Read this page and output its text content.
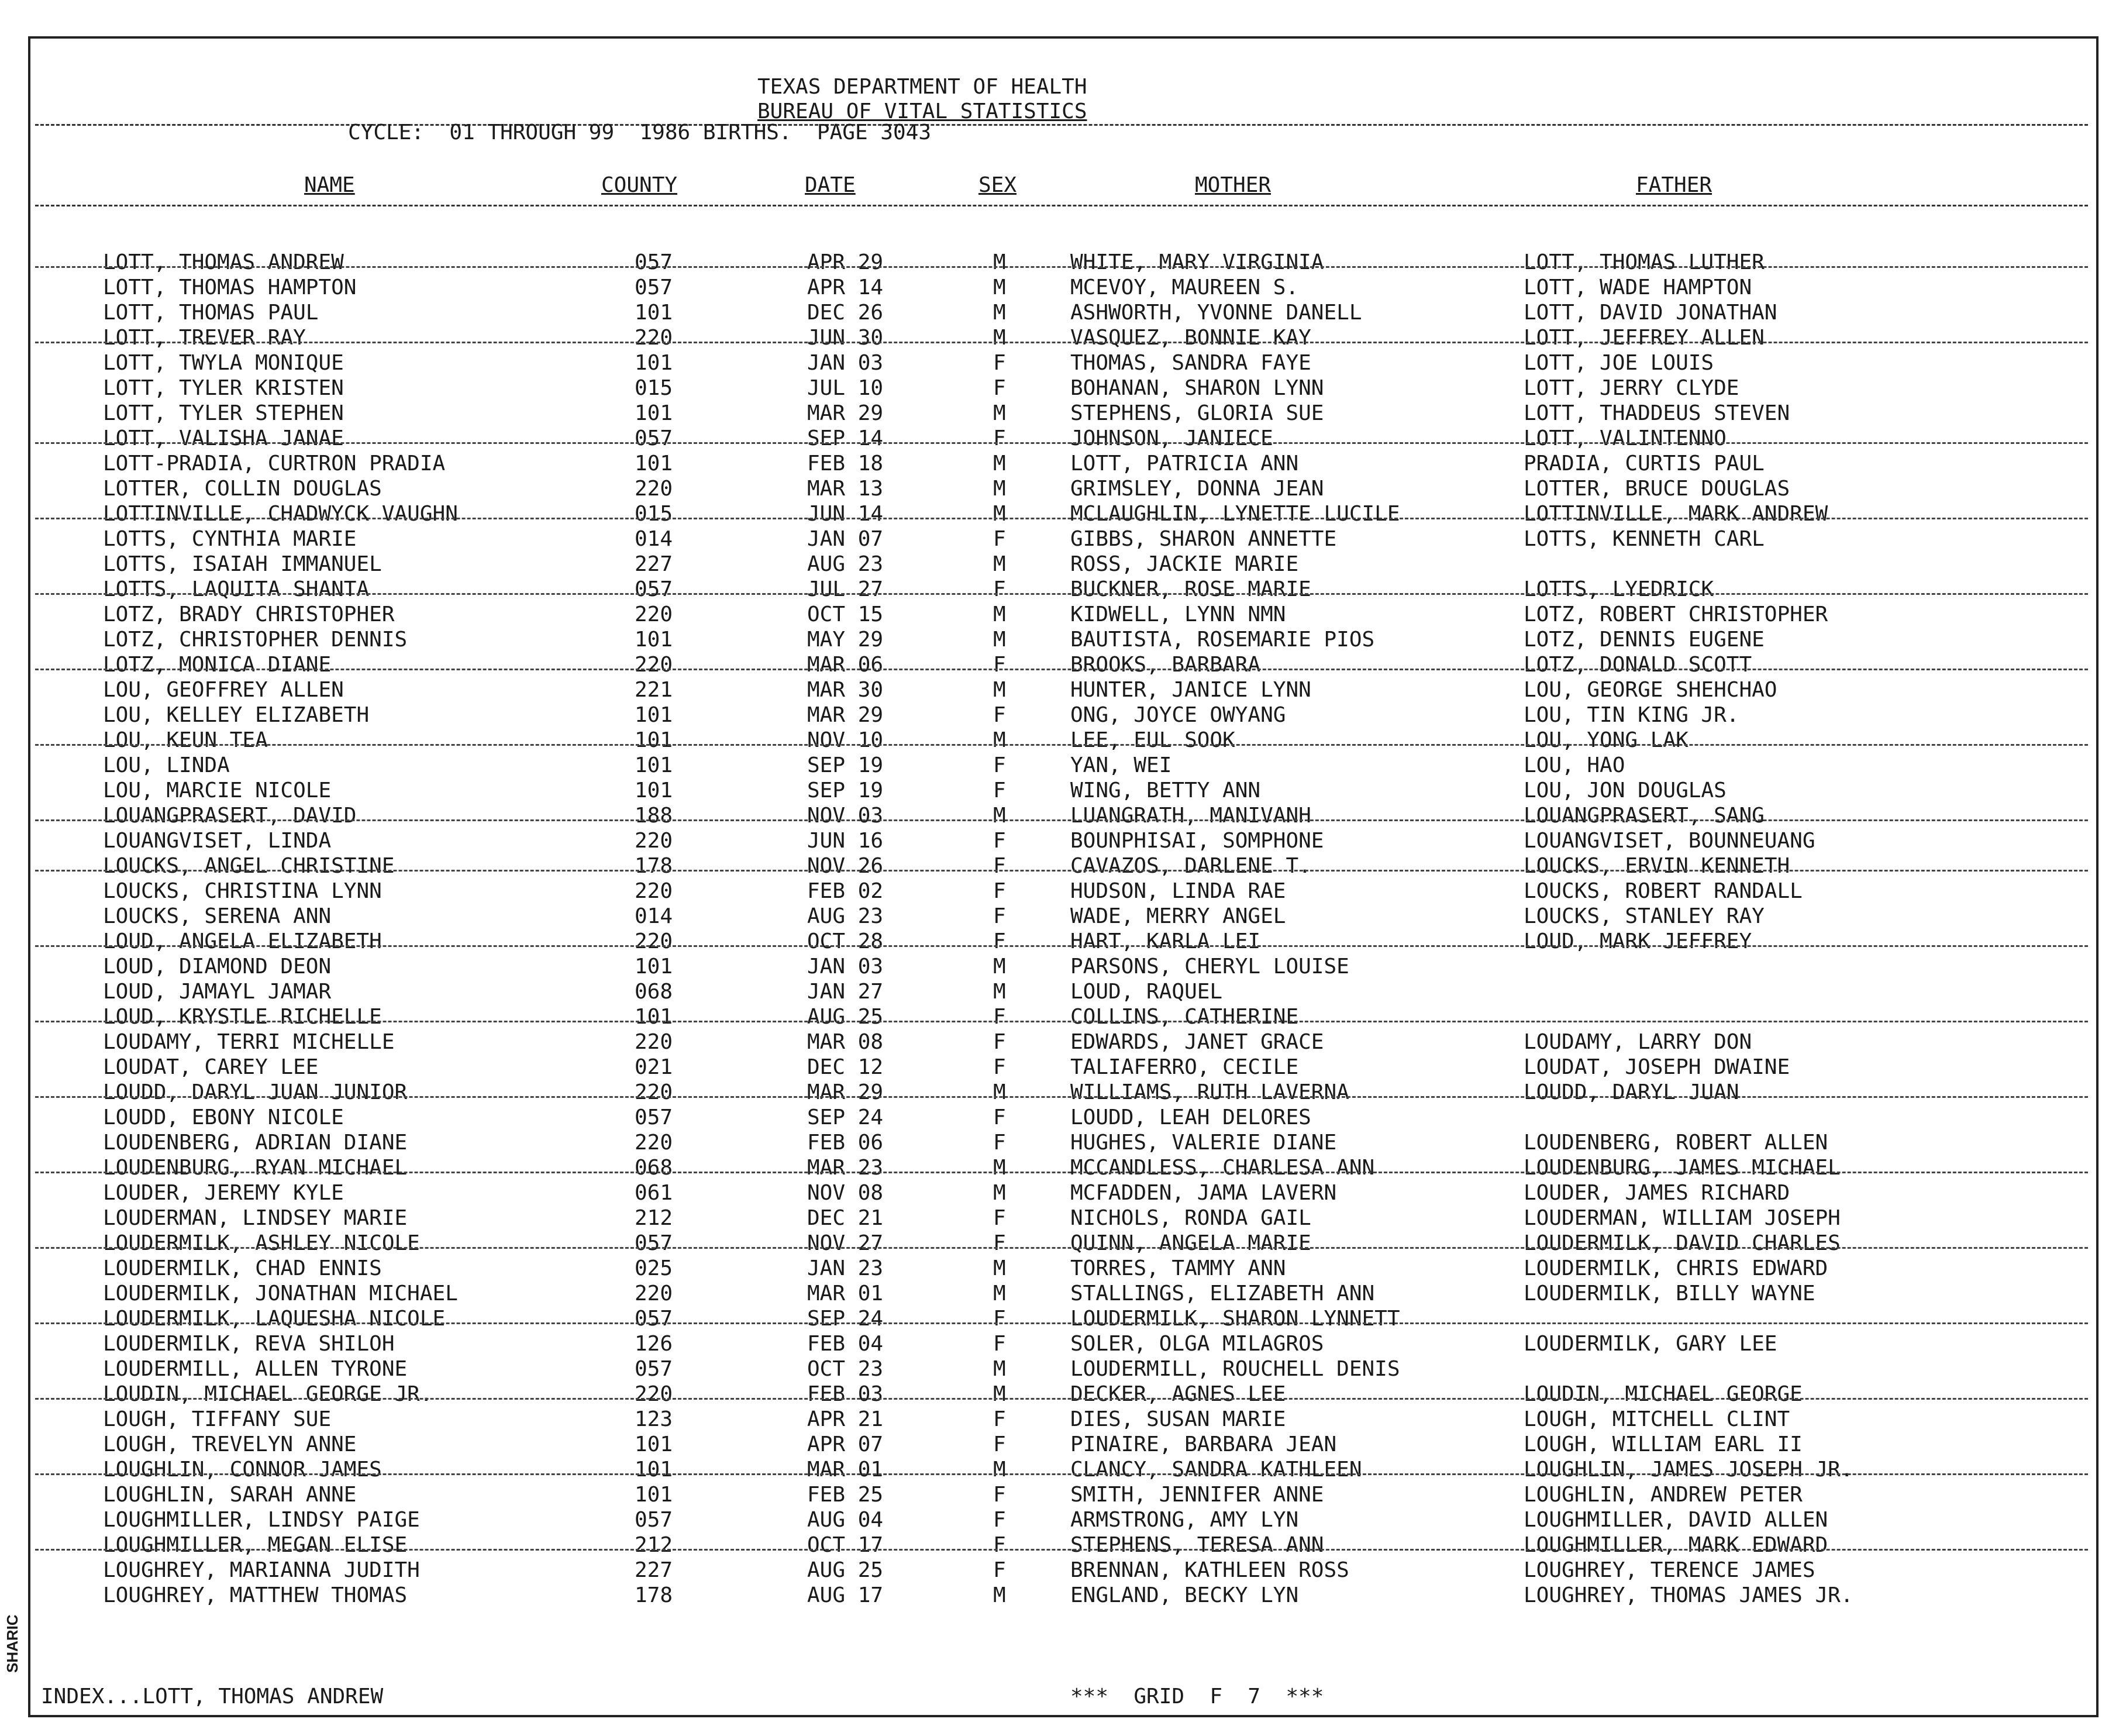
SHARIC
TEXAS DEPARTMENT OF HEALTH
BUREAU OF VITAL STATISTICS
CYCLE:  01 THROUGH 99  1986 BIRTHS.  PAGE 3043
NAME	COUNTY	DATE	SEX	MOTHER	FATHER
LOTT, THOMAS ANDREW	057	APR 29	M	WHITE, MARY VIRGINIA	LOTT, THOMAS LUTHER
LOTT, THOMAS HAMPTON	057	APR 14	M	MCEVOY, MAUREEN S.	LOTT, WADE HAMPTON
LOTT, THOMAS PAUL	101	DEC 26	M	ASHWORTH, YVONNE DANELL	LOTT, DAVID JONATHAN
LOTT, TREVER RAY	220	JUN 30	M	VASQUEZ, BONNIE KAY	LOTT, JEFFREY ALLEN
LOTT, TWYLA MONIQUE	101	JAN 03	F	THOMAS, SANDRA FAYE	LOTT, JOE LOUIS
LOTT, TYLER KRISTEN	015	JUL 10	F	BOHANAN, SHARON LYNN	LOTT, JERRY CLYDE
LOTT, TYLER STEPHEN	101	MAR 29	M	STEPHENS, GLORIA SUE	LOTT, THADDEUS STEVEN
LOTT, VALISHA JANAE	057	SEP 14	F	JOHNSON, JANIECE	LOTT, VALINTENNO
LOTT-PRADIA, CURTRON PRADIA	101	FEB 18	M	LOTT, PATRICIA ANN	PRADIA, CURTIS PAUL
LOTTER, COLLIN DOUGLAS	220	MAR 13	M	GRIMSLEY, DONNA JEAN	LOTTER, BRUCE DOUGLAS
LOTTINVILLE, CHADWYCK VAUGHN	015	JUN 14	M	MCLAUGHLIN, LYNETTE LUCILE	LOTTINVILLE, MARK ANDREW
LOTTS, CYNTHIA MARIE	014	JAN 07	F	GIBBS, SHARON ANNETTE	LOTTS, KENNETH CARL
LOTTS, ISAIAH IMMANUEL	227	AUG 23	M	ROSS, JACKIE MARIE
LOTTS, LAQUITA SHANTA	057	JUL 27	F	BUCKNER, ROSE MARIE	LOTTS, LYEDRICK
LOTZ, BRADY CHRISTOPHER	220	OCT 15	M	KIDWELL, LYNN NMN	LOTZ, ROBERT CHRISTOPHER
LOTZ, CHRISTOPHER DENNIS	101	MAY 29	M	BAUTISTA, ROSEMARIE PIOS	LOTZ, DENNIS EUGENE
LOTZ, MONICA DIANE	220	MAR 06	F	BROOKS, BARBARA	LOTZ, DONALD SCOTT
LOU, GEOFFREY ALLEN	221	MAR 30	M	HUNTER, JANICE LYNN	LOU, GEORGE SHEHCHAO
LOU, KELLEY ELIZABETH	101	MAR 29	F	ONG, JOYCE OWYANG	LOU, TIN KING JR.
LOU, KEUN TEA	101	NOV 10	M	LEE, EUL SOOK	LOU, YONG LAK
LOU, LINDA	101	SEP 19	F	YAN, WEI	LOU, HAO
LOU, MARCIE NICOLE	101	SEP 19	F	WING, BETTY ANN	LOU, JON DOUGLAS
LOUANGPRASERT, DAVID	188	NOV 03	M	LUANGRATH, MANIVANH	LOUANGPRASERT, SANG
LOUANGVISET, LINDA	220	JUN 16	F	BOUNPHISAI, SOMPHONE	LOUANGVISET, BOUNNEUANG
LOUCKS, ANGEL CHRISTINE	178	NOV 26	F	CAVAZOS, DARLENE T.	LOUCKS, ERVIN KENNETH
LOUCKS, CHRISTINA LYNN	220	FEB 02	F	HUDSON, LINDA RAE	LOUCKS, ROBERT RANDALL
LOUCKS, SERENA ANN	014	AUG 23	F	WADE, MERRY ANGEL	LOUCKS, STANLEY RAY
LOUD, ANGELA ELIZABETH	220	OCT 28	F	HART, KARLA LEI	LOUD, MARK JEFFREY
LOUD, DIAMOND DEON	101	JAN 03	M	PARSONS, CHERYL LOUISE
LOUD, JAMAYL JAMAR	068	JAN 27	M	LOUD, RAQUEL
LOUD, KRYSTLE RICHELLE	101	AUG 25	F	COLLINS, CATHERINE
LOUDAMY, TERRI MICHELLE	220	MAR 08	F	EDWARDS, JANET GRACE	LOUDAMY, LARRY DON
LOUDAT, CAREY LEE	021	DEC 12	F	TALIAFERRO, CECILE	LOUDAT, JOSEPH DWAINE
LOUDD, DARYL JUAN JUNIOR	220	MAR 29	M	WILLIAMS, RUTH LAVERNA	LOUDD, DARYL JUAN
LOUDD, EBONY NICOLE	057	SEP 24	F	LOUDD, LEAH DELORES
LOUDENBERG, ADRIAN DIANE	220	FEB 06	F	HUGHES, VALERIE DIANE	LOUDENBERG, ROBERT ALLEN
LOUDENBURG, RYAN MICHAEL	068	MAR 23	M	MCCANDLESS, CHARLESA ANN	LOUDENBURG, JAMES MICHAEL
LOUDER, JEREMY KYLE	061	NOV 08	M	MCFADDEN, JAMA LAVERN	LOUDER, JAMES RICHARD
LOUDERMAN, LINDSEY MARIE	212	DEC 21	F	NICHOLS, RONDA GAIL	LOUDERMAN, WILLIAM JOSEPH
LOUDERMILK, ASHLEY NICOLE	057	NOV 27	F	QUINN, ANGELA MARIE	LOUDERMILK, DAVID CHARLES
LOUDERMILK, CHAD ENNIS	025	JAN 23	M	TORRES, TAMMY ANN	LOUDERMILK, CHRIS EDWARD
LOUDERMILK, JONATHAN MICHAEL	220	MAR 01	M	STALLINGS, ELIZABETH ANN	LOUDERMILK, BILLY WAYNE
LOUDERMILK, LAQUESHA NICOLE	057	SEP 24	F	LOUDERMILK, SHARON LYNNETT
LOUDERMILK, REVA SHILOH	126	FEB 04	F	SOLER, OLGA MILAGROS	LOUDERMILK, GARY LEE
LOUDERMILL, ALLEN TYRONE	057	OCT 23	M	LOUDERMILL, ROUCHELL DENIS
LOUDIN, MICHAEL GEORGE JR.	220	FEB 03	M	DECKER, AGNES LEE	LOUDIN, MICHAEL GEORGE
LOUGH, TIFFANY SUE	123	APR 21	F	DIES, SUSAN MARIE	LOUGH, MITCHELL CLINT
LOUGH, TREVELYN ANNE	101	APR 07	F	PINAIRE, BARBARA JEAN	LOUGH, WILLIAM EARL II
LOUGHLIN, CONNOR JAMES	101	MAR 01	M	CLANCY, SANDRA KATHLEEN	LOUGHLIN, JAMES JOSEPH JR.
LOUGHLIN, SARAH ANNE	101	FEB 25	F	SMITH, JENNIFER ANNE	LOUGHLIN, ANDREW PETER
LOUGHMILLER, LINDSY PAIGE	057	AUG 04	F	ARMSTRONG, AMY LYN	LOUGHMILLER, DAVID ALLEN
LOUGHMILLER, MEGAN ELISE	212	OCT 17	F	STEPHENS, TERESA ANN	LOUGHMILLER, MARK EDWARD
LOUGHREY, MARIANNA JUDITH	227	AUG 25	F	BRENNAN, KATHLEEN ROSS	LOUGHREY, TERENCE JAMES
LOUGHREY, MATTHEW THOMAS	178	AUG 17	M	ENGLAND, BECKY LYN	LOUGHREY, THOMAS JAMES JR.
INDEX...LOTT, THOMAS ANDREW	***  GRID  F  7  ***
